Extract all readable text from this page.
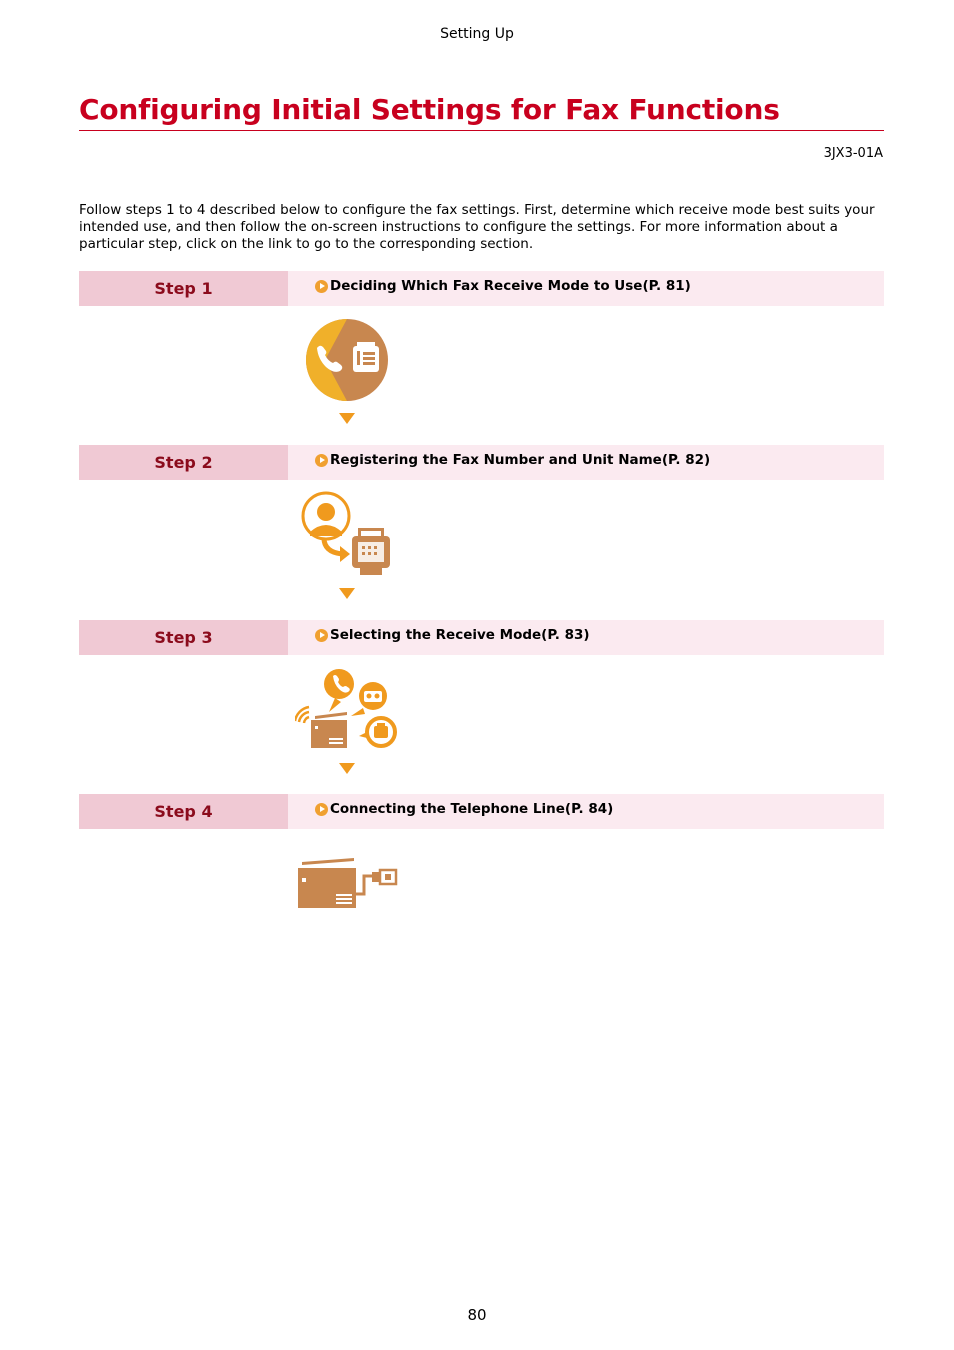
Setting Up
Configuring Initial Settings for Fax Functions
3JX3-01A

Follow steps 1 to 4 described below to configure the fax settings. First, determine which receive mode best suits your intended use, and then follow the on-screen instructions to configure the settings. For more information about a particular step, click on the link to go to the corresponding section.

Step 1	Deciding Which Fax Receive Mode to Use(P. 81)
Step 2	Registering the Fax Number and Unit Name(P. 82)
Step 3	Selecting the Receive Mode(P. 83)
Step 4	Connecting the Telephone Line(P. 84)
80
